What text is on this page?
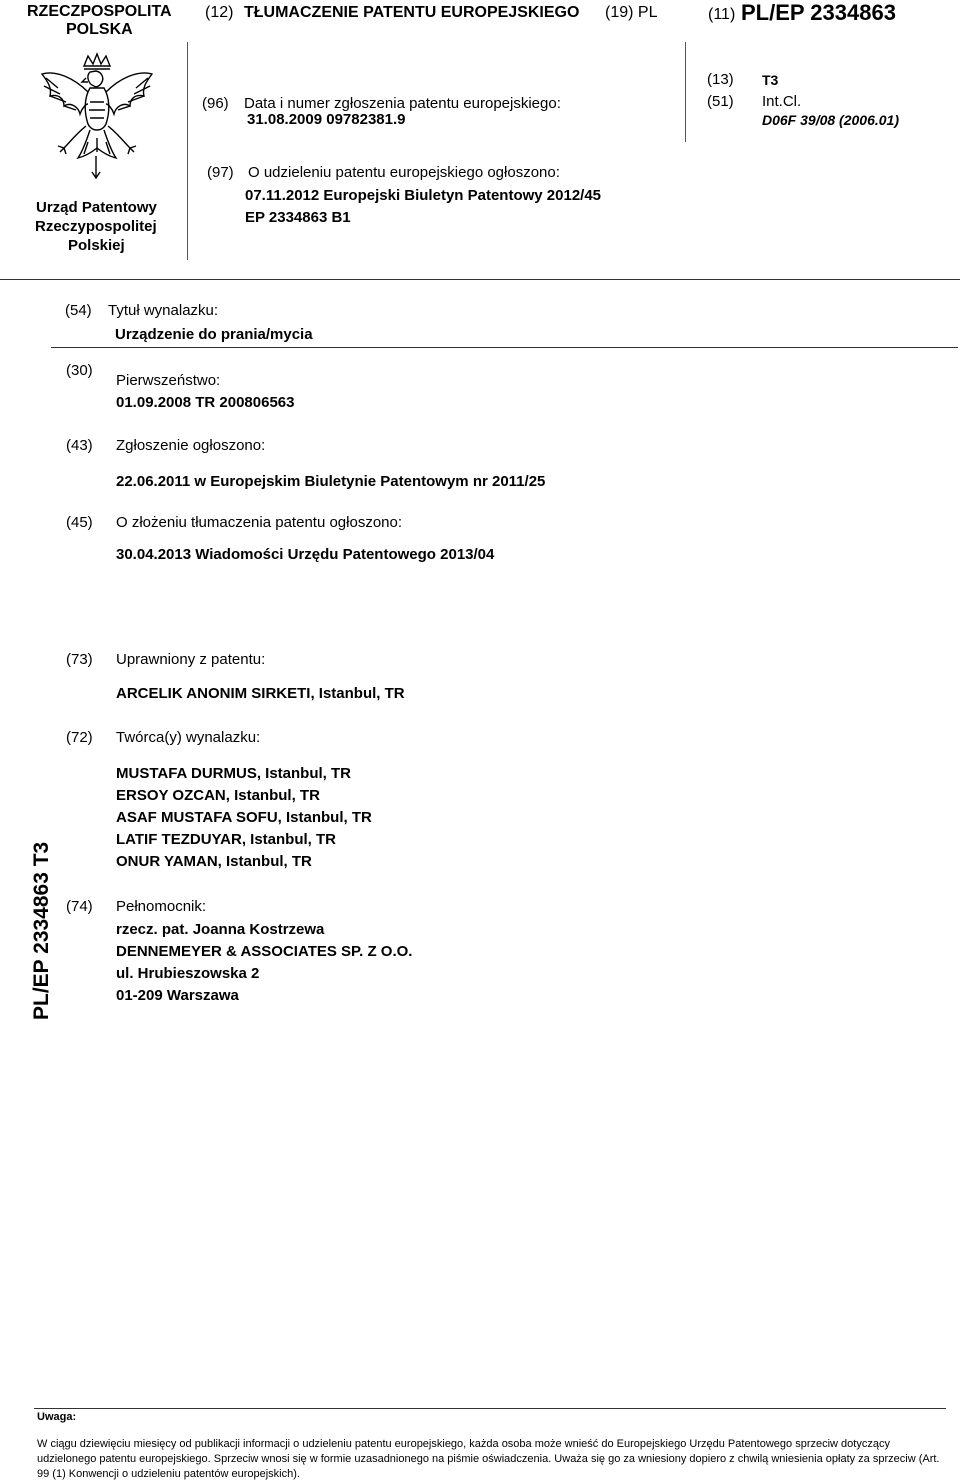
RZECZPOSPOLITA
POLSKA
(12) TŁUMACZENIE PATENTU EUROPEJSKIEGO (19) PL	(11) PL/EP 2334863
Urząd Patentowy
Rzeczypospolitej
Polskiej
(96) Data i numer zgłoszenia patentu europejskiego:
31.08.2009 09782381.9
(13) T3
(51) Int.Cl.
D06F 39/08 (2006.01)
(97) O udzieleniu patentu europejskiego ogłoszono:
07.11.2012 Europejski Biuletyn Patentowy 2012/45
EP 2334863 B1
(54) Tytuł wynalazku:
Urządzenie do prania/mycia
(30)
Pierwszeństwo:
01.09.2008 TR 200806563
(43) Zgłoszenie ogłoszono:
22.06.2011 w Europejskim Biuletynie Patentowym nr 2011/25
(45) O złożeniu tłumaczenia patentu ogłoszono:
30.04.2013 Wiadomości Urzędu Patentowego 2013/04
(73) Uprawniony z patentu:
ARCELIK ANONIM SIRKETI, Istanbul, TR
(72) Twórca(y) wynalazku:
MUSTAFA DURMUS, Istanbul, TR
ERSOY OZCAN, Istanbul, TR
ASAF MUSTAFA SOFU, Istanbul, TR
LATIF TEZDUYAR, Istanbul, TR
ONUR YAMAN, Istanbul, TR
(74) Pełnomocnik:
rzecz. pat. Joanna Kostrzewa
DENNEMEYER & ASSOCIATES SP. Z O.O.
ul. Hrubieszowska 2
01-209 Warszawa
PL/EP 2334863 T3
Uwaga:
W ciągu dziewięciu miesięcy od publikacji informacji o udzieleniu patentu europejskiego, każda osoba może wnieść do Europejskiego Urzędu Patentowego sprzeciw dotyczący udzielonego patentu europejskiego. Sprzeciw wnosi się w formie uzasadnionego na piśmie oświadczenia. Uważa się go za wniesiony dopiero z chwilą wniesienia opłaty za sprzeciw (Art. 99 (1) Konwencji o udzieleniu patentów europejskich).
